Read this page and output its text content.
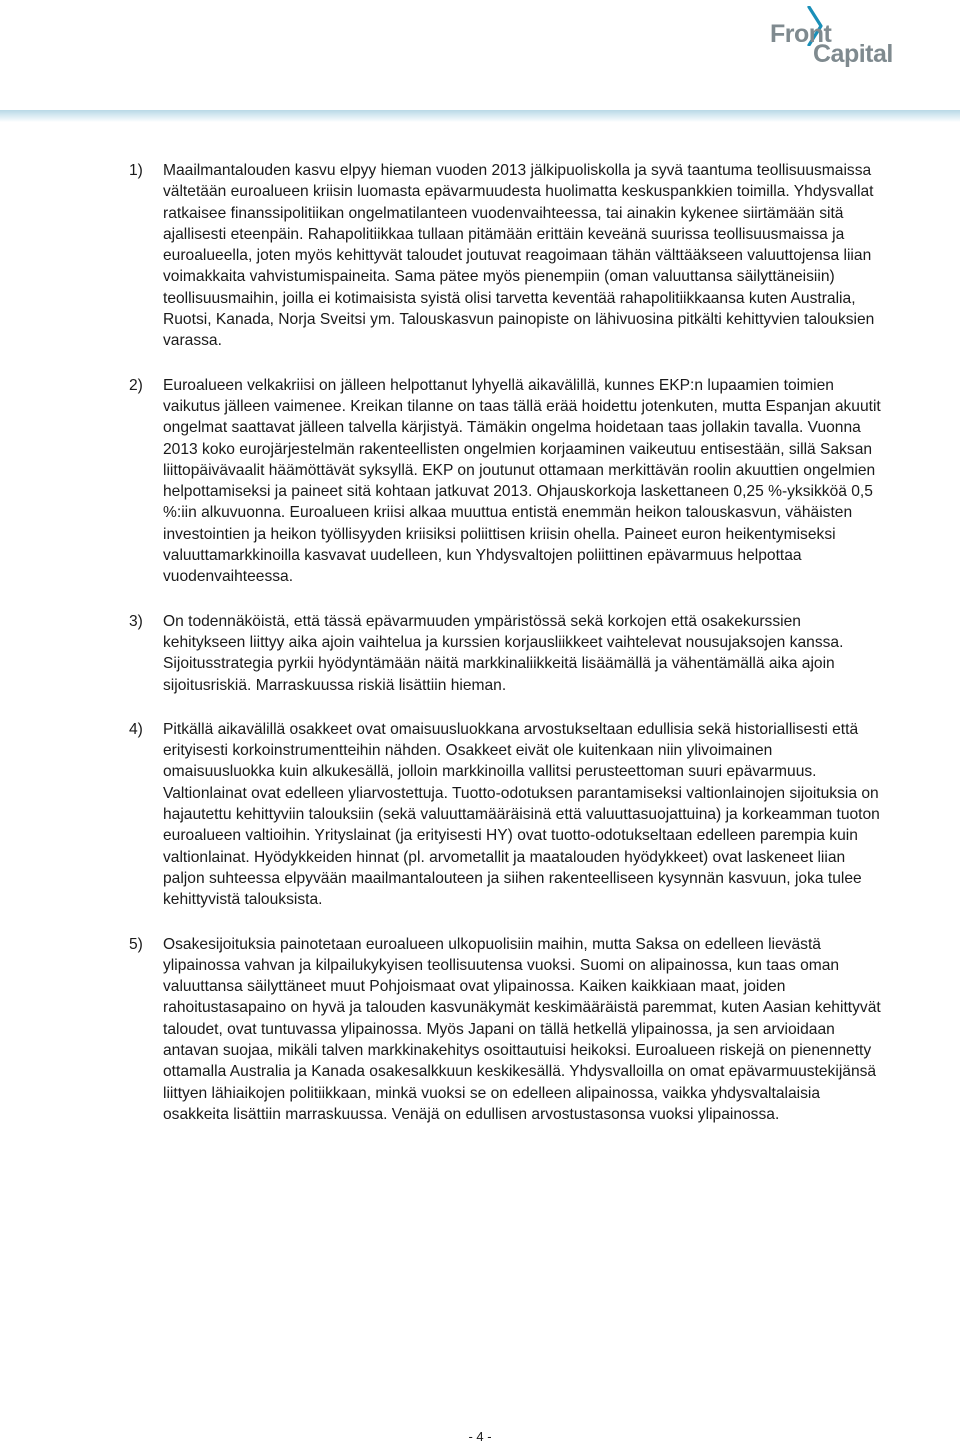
Front
Capital
1) Maailmantalouden kasvu elpyy hieman vuoden 2013 jälkipuoliskolla ja syvä taantuma teollisuusmaissa vältetään euroalueen kriisin luomasta epävarmuudesta huolimatta keskuspankkien toimilla. Yhdysvallat ratkaisee finanssipolitiikan ongelmatilanteen vuodenvaihteessa, tai ainakin kykenee siirtämään sitä ajallisesti eteenpäin. Rahapolitiikkaa tullaan pitämään erittäin keveänä suurissa teollisuusmaissa ja euroalueella, joten myös kehittyvät taloudet joutuvat reagoimaan tähän välttääkseen valuuttojensa liian voimakkaita vahvistumispaineita. Sama pätee myös pienempiin (oman valuuttansa säilyttäneisiin) teollisuusmaihin, joilla ei kotimaisista syistä olisi tarvetta keventää rahapolitiikkaansa kuten Australia, Ruotsi, Kanada, Norja Sveitsi ym. Talouskasvun painopiste on lähivuosina pitkälti kehittyvien talouksien varassa.
2) Euroalueen velkakriisi on jälleen helpottanut lyhyellä aikavälillä, kunnes EKP:n lupaamien toimien vaikutus jälleen vaimenee. Kreikan tilanne on taas tällä erää hoidettu jotenkuten, mutta Espanjan akuutit ongelmat saattavat jälleen talvella kärjistyä. Tämäkin ongelma hoidetaan taas jollakin tavalla. Vuonna 2013 koko eurojärjestelmän rakenteellisten ongelmien korjaaminen vaikeutuu entisestään, sillä Saksan liittopäivävaalit häämöttävät syksyllä. EKP on joutunut ottamaan merkittävän roolin akuuttien ongelmien helpottamiseksi ja paineet sitä kohtaan jatkuvat 2013. Ohjauskorkoja laskettaneen 0,25 %-yksikköä 0,5 %:iin alkuvuonna. Euroalueen kriisi alkaa muuttua entistä enemmän heikon talouskasvun, vähäisten investointien ja heikon työllisyyden kriisiksi poliittisen kriisin ohella. Paineet euron heikentymiseksi valuuttamarkkinoilla kasvavat uudelleen, kun Yhdysvaltojen poliittinen epävarmuus helpottaa vuodenvaihteessa.
3) On todennäköistä, että tässä epävarmuuden ympäristössä sekä korkojen että osakekurssien kehitykseen liittyy aika ajoin vaihtelua ja kurssien korjausliikkeet vaihtelevat nousujaksojen kanssa. Sijoitusstrategia pyrkii hyödyntämään näitä markkinaliikkeitä lisäämällä ja vähentämällä aika ajoin sijoitusriskiä. Marraskuussa riskiä lisättiin hieman.
4) Pitkällä aikavälillä osakkeet ovat omaisuusluokkana arvostukseltaan edullisia sekä historiallisesti että erityisesti korkoinstrumentteihin nähden. Osakkeet eivät ole kuitenkaan niin ylivoimainen omaisuusluokka kuin alkukesällä, jolloin markkinoilla vallitsi perusteettoman suuri epävarmuus. Valtionlainat ovat edelleen yliarvostettuja. Tuotto-odotuksen parantamiseksi valtionlainojen sijoituksia on hajautettu kehittyviin talouksiin (sekä valuuttamääräisinä että valuuttasuojattuina) ja korkeamman tuoton euroalueen valtioihin. Yrityslainat (ja erityisesti HY) ovat tuotto-odotukseltaan edelleen parempia kuin valtionlainat. Hyödykkeiden hinnat (pl. arvometallit ja maatalouden hyödykkeet) ovat laskeneet liian paljon suhteessa elpyvään maailmantalouteen ja siihen rakenteelliseen kysynnän kasvuun, joka tulee kehittyvistä talouksista.
5) Osakesijoituksia painotetaan euroalueen ulkopuolisiin maihin, mutta Saksa on edelleen lievästä ylipainossa vahvan ja kilpailukykyisen teollisuutensa vuoksi. Suomi on alipainossa, kun taas oman valuuttansa säilyttäneet muut Pohjoismaat ovat ylipainossa. Kaiken kaikkiaan maat, joiden rahoitustasapaino on hyvä ja talouden kasvunäkymät keskimääräistä paremmat, kuten Aasian kehittyvät taloudet, ovat tuntuvassa ylipainossa. Myös Japani on tällä hetkellä ylipainossa, ja sen arvioidaan antavan suojaa, mikäli talven markkinakehitys osoittautuisi heikoksi. Euroalueen riskejä on pienennetty ottamalla Australia ja Kanada osakesalkkuun keskikesällä. Yhdysvalloilla on omat epävarmuustekijänsä liittyen lähiaikojen politiikkaan, minkä vuoksi se on edelleen alipainossa, vaikka yhdysvaltalaisia osakkeita lisättiin marraskuussa. Venäjä on edullisen arvostustasonsa vuoksi ylipainossa.
- 4 -
